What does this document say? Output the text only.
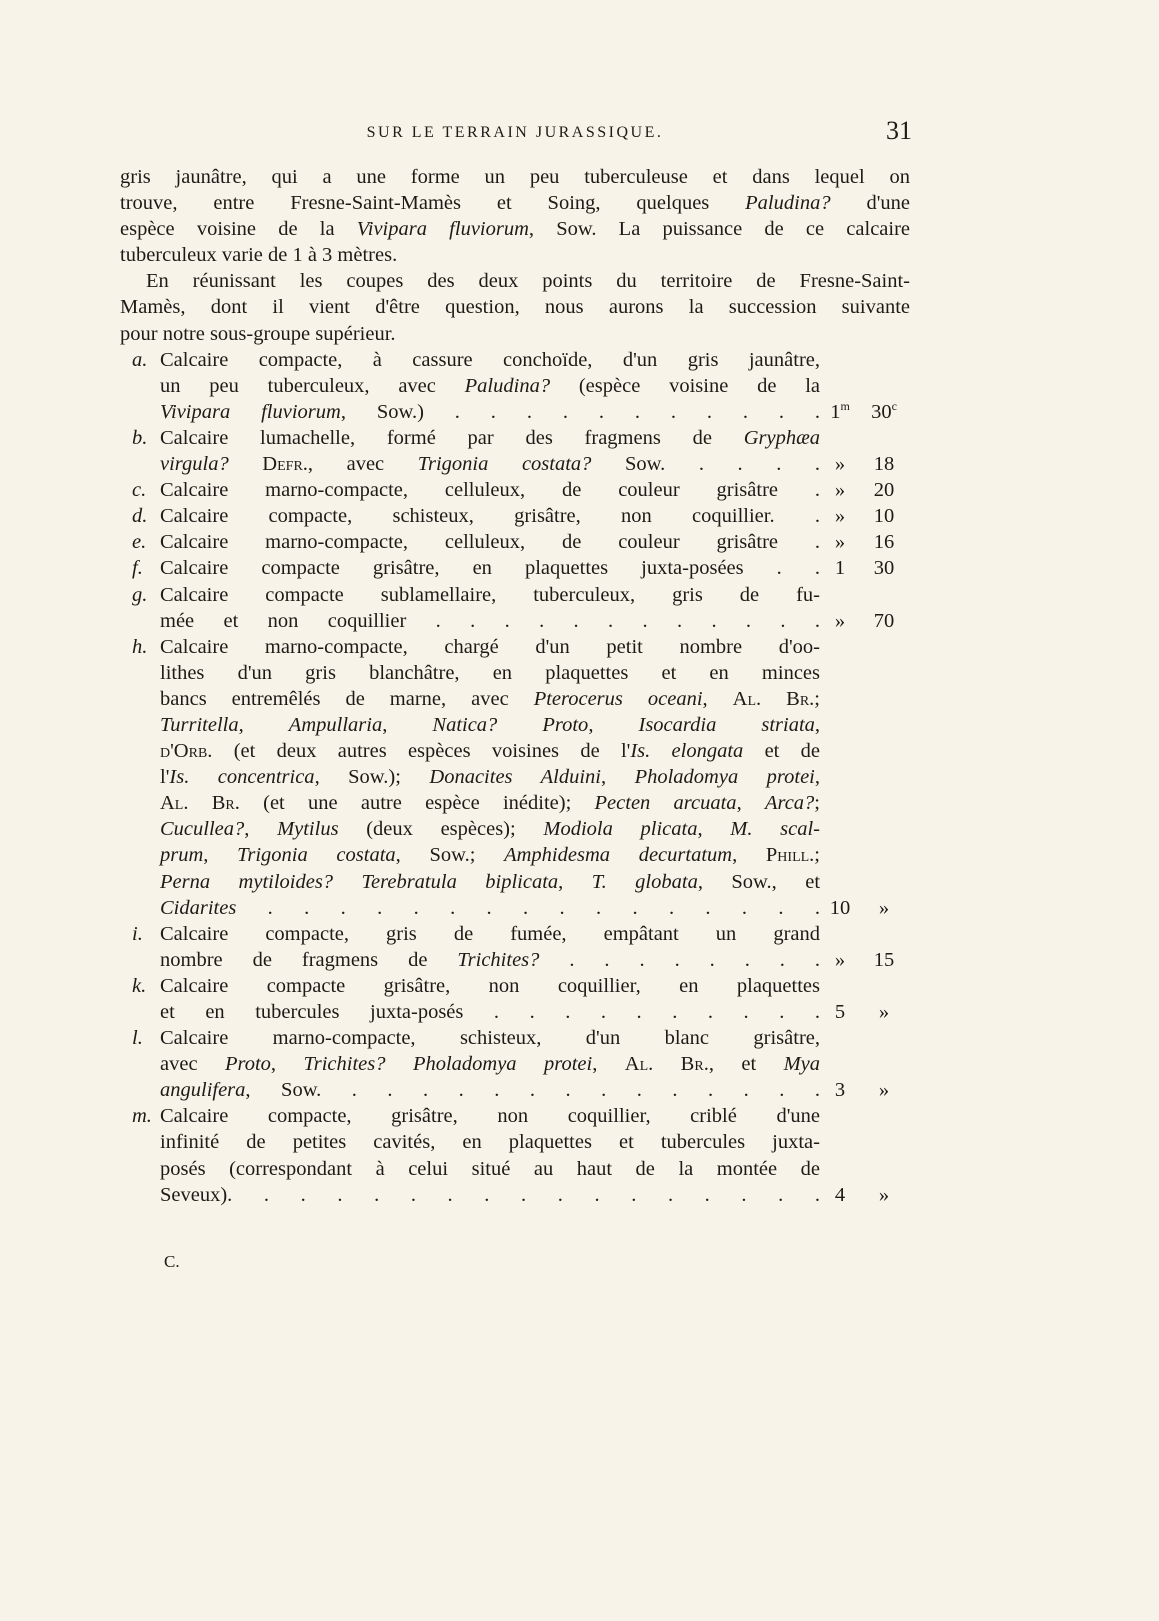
SUR LE TERRAIN JURASSIQUE.	31

gris jaunâtre, qui a une forme un peu tuberculeuse et dans lequel on

trouve, entre Fresne-Saint-Mamès et Soing, quelques Paludina? d'une

espèce voisine de la Vivipara fluviorum, Sow. La puissance de ce calcaire

tuberculeux varie de 1 à 3 mètres.

En réunissant les coupes des deux points du territoire de Fresne-Saint-

Mamès, dont il vient d'être question, nous aurons la succession suivante

pour notre sous-groupe supérieur.

a. Calcaire compacte, à cassure conchoïde, d'un gris jaunâtre,
un peu tuberculeux, avec Paludina? (espèce voisine de la
Vivipara fluviorum, Sow.) . . . . . . . . . . . 1$^m$	30$^c$
b. Calcaire lumachelle, formé par des fragmens de Gryphæa
virgula? Defr., avec Trigonia costata? Sow. . . . . »	18
c. Calcaire marno-compacte, celluleux, de couleur grisâtre . »	20
d. Calcaire compacte, schisteux, grisâtre, non coquillier. . »	10
e. Calcaire marno-compacte, celluleux, de couleur grisâtre . »	16
f. Calcaire compacte grisâtre, en plaquettes juxta-posées . . 1	30
g. Calcaire compacte sublamellaire, tuberculeux, gris de fu-
mée et non coquillier . . . . . . . . . . . . »	70
h. Calcaire marno-compacte, chargé d'un petit nombre d'oo-
lithes d'un gris blanchâtre, en plaquettes et en minces
bancs entremêlés de marne, avec Pterocerus oceani, Al. Br.;
Turritella, Ampullaria, Natica? Proto, Isocardia striata,
d'Orb. (et deux autres espèces voisines de l'Is. elongata et de
l'Is. concentrica, Sow.); Donacites Alduini, Pholadomya protei,
Al. Br. (et une autre espèce inédite); Pecten arcuata, Arca?;
Cucullea?, Mytilus (deux espèces); Modiola plicata, M. scal-
prum, Trigonia costata, Sow.; Amphidesma decurtatum, Phill.;
Perna mytiloides? Terebratula biplicata, T. globata, Sow., et
Cidarites . . . . . . . . . . . . . . . . 10	»
i. Calcaire compacte, gris de fumée, empâtant un grand
nombre de fragmens de Trichites? . . . . . . . . »	15
k. Calcaire compacte grisâtre, non coquillier, en plaquettes
et en tubercules juxta-posés . . . . . . . . . . 5	»
l. Calcaire marno-compacte, schisteux, d'un blanc grisâtre,
avec Proto, Trichites? Pholadomya protei, Al. Br., et Mya
angulifera, Sow. . . . . . . . . . . . . . . 3	»
m. Calcaire compacte, grisâtre, non coquillier, criblé d'une
infinité de petites cavités, en plaquettes et tubercules juxta-
posés (correspondant à celui situé au haut de la montée de
Seveux). . . . . . . . . . . . . . . . . 4	»
C.
